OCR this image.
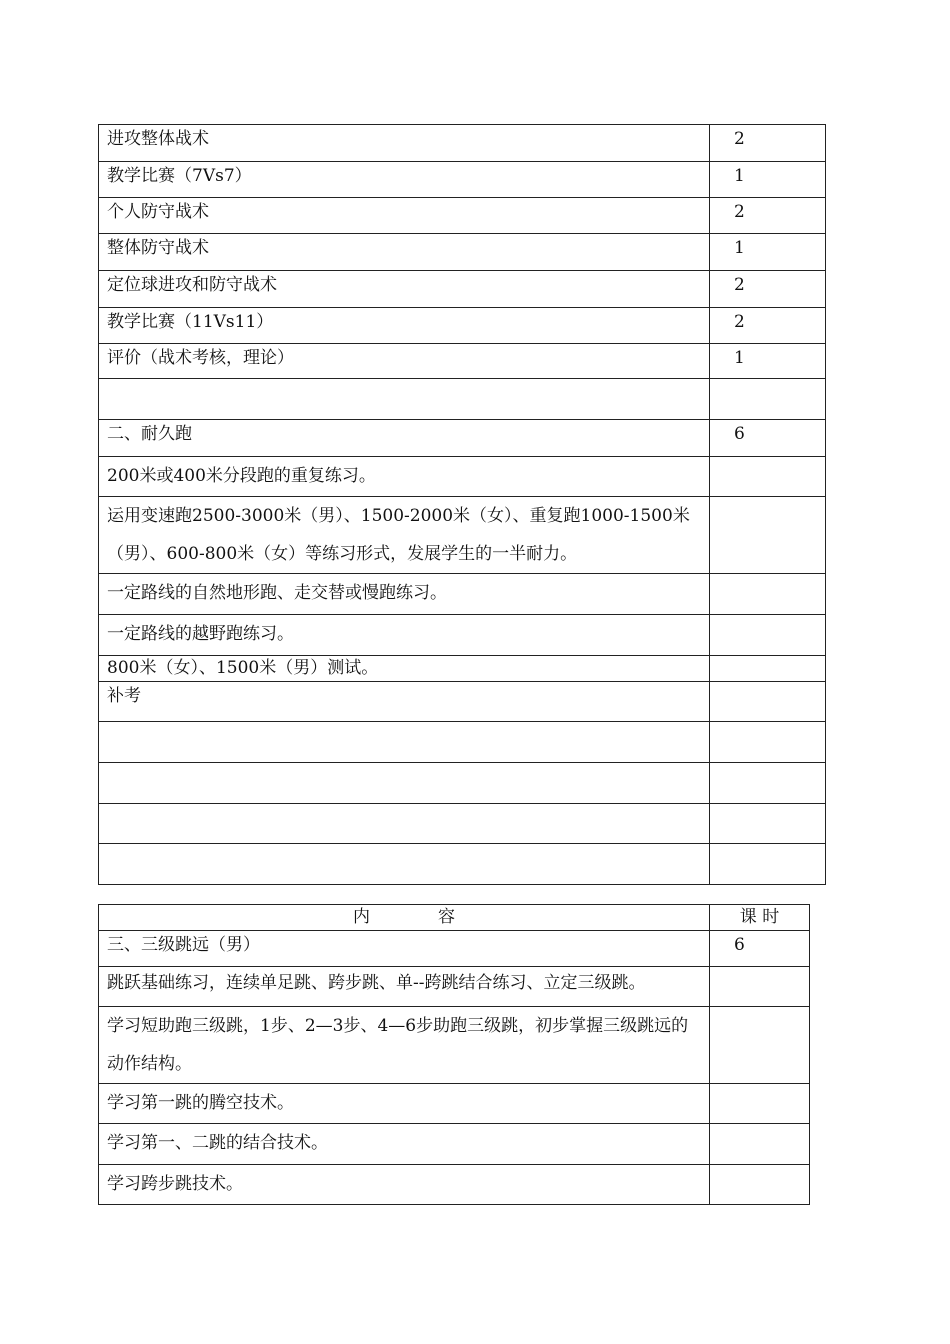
进攻整体战术	2
教学比赛（7Vs7）	1
个人防守战术	2
整体防守战术	1
定位球进攻和防守战术	2
教学比赛（11Vs11）	2
评价（战术考核，理论）	1

二、耐久跑	6
200米或400米分段跑的重复练习。	
运用变速跑2500-3000米（男）、1500-2000米（女）、重复跑1000-1500米（男）、600-800米（女）等练习形式，发展学生的一半耐力。	
一定路线的自然地形跑、走交替或慢跑练习。	
一定路线的越野跑练习。	
800米（女）、1500米（男）测试。	
补考	

内　　　　容	课 时
三、三级跳远（男）	6
跳跃基础练习，连续单足跳、跨步跳、单--跨跳结合练习、立定三级跳。	
学习短助跑三级跳，1步、2—3步、4—6步助跑三级跳，初步掌握三级跳远的动作结构。	
学习第一跳的腾空技术。	
学习第一、二跳的结合技术。	
学习跨步跳技术。	
